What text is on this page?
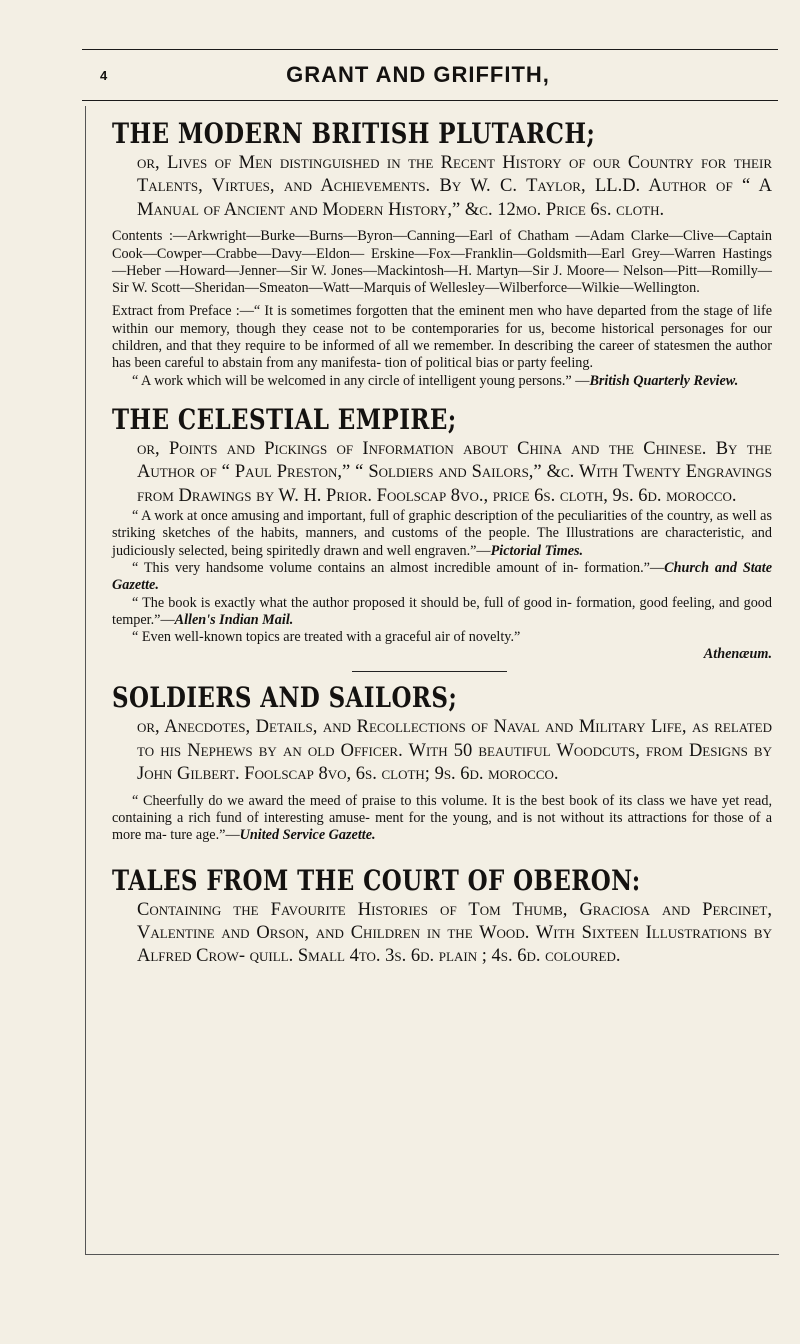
4	GRANT AND GRIFFITH,
THE MODERN BRITISH PLUTARCH;

or, Lives of Men distinguished in the Recent History of our Country for their Talents, Virtues, and Achievements. By W. C. Taylor, LL.D. Author of “ A Manual of Ancient and Modern History,” &c. 12mo. Price 6s. cloth.

Contents :—Arkwright—Burke—Burns—Byron—Canning—Earl of Chatham —Adam Clarke—Clive—Captain Cook—Cowper—Crabbe—Davy—Eldon— Erskine—Fox—Franklin—Goldsmith—Earl Grey—Warren Hastings—Heber —Howard—Jenner—Sir W. Jones—Mackintosh—H. Martyn—Sir J. Moore— Nelson—Pitt—Romilly—Sir W. Scott—Sheridan—Smeaton—Watt—Marquis of Wellesley—Wilberforce—Wilkie—Wellington.

Extract from Preface :—“ It is sometimes forgotten that the eminent men who have departed from the stage of life within our memory, though they cease not to be contemporaries for us, become historical personages for our children, and that they require to be informed of all we remember. In describing the career of statesmen the author has been careful to abstain from any manifesta- tion of political bias or party feeling.

“ A work which will be welcomed in any circle of intelligent young persons.” —British Quarterly Review.

THE CELESTIAL EMPIRE;

or, Points and Pickings of Information about China and the Chinese. By the Author of “ Paul Preston,” “ Soldiers and Sailors,” &c. With Twenty Engravings from Drawings by W. H. Prior. Foolscap 8vo., price 6s. cloth, 9s. 6d. morocco.

“ A work at once amusing and important, full of graphic description of the peculiarities of the country, as well as striking sketches of the habits, manners, and customs of the people. The Illustrations are characteristic, and judiciously selected, being spiritedly drawn and well engraven.”—Pictorial Times.

“ This very handsome volume contains an almost incredible amount of in- formation.”—Church and State Gazette.

“ The book is exactly what the author proposed it should be, full of good in- formation, good feeling, and good temper.”—Allen's Indian Mail.

“ Even well-known topics are treated with a graceful air of novelty.”

Athenæum.

SOLDIERS AND SAILORS;

or, Anecdotes, Details, and Recollections of Naval and Military Life, as related to his Nephews by an old Officer. With 50 beautiful Woodcuts, from Designs by John Gilbert. Foolscap 8vo, 6s. cloth; 9s. 6d. morocco.

“ Cheerfully do we award the meed of praise to this volume. It is the best book of its class we have yet read, containing a rich fund of interesting amuse- ment for the young, and is not without its attractions for those of a more ma- ture age.”—United Service Gazette.

TALES FROM THE COURT OF OBERON:

Containing the Favourite Histories of Tom Thumb, Graciosa and Percinet, Valentine and Orson, and Children in the Wood. With Sixteen Illustrations by Alfred Crow- quill. Small 4to. 3s. 6d. plain ; 4s. 6d. coloured.
